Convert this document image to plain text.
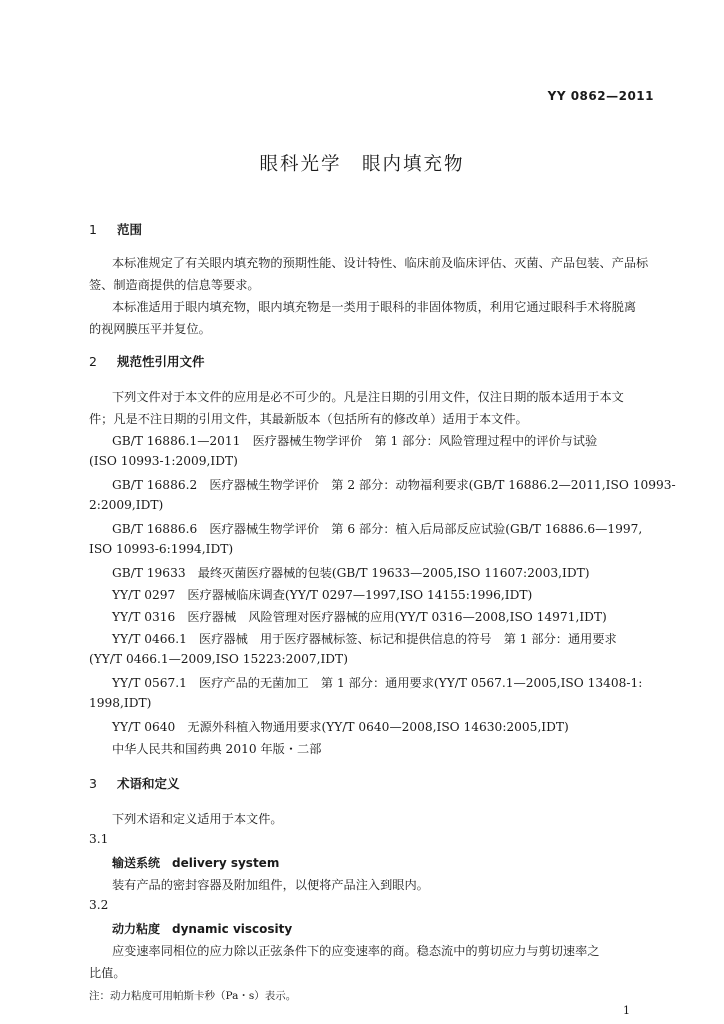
YY 0862—2011
眼科光学　眼内填充物
1 范围
本标准规定了有关眼内填充物的预期性能、设计特性、临床前及临床评估、灭菌、产品包装、产品标
签、制造商提供的信息等要求。
本标准适用于眼内填充物，眼内填充物是一类用于眼科的非固体物质，利用它通过眼科手术将脱离
的视网膜压平并复位。
2 规范性引用文件
下列文件对于本文件的应用是必不可少的。凡是注日期的引用文件，仅注日期的版本适用于本文
件；凡是不注日期的引用文件，其最新版本（包括所有的修改单）适用于本文件。
GB/T 16886.1—2011　医疗器械生物学评价　第 1 部分：风险管理过程中的评价与试验
(ISO 10993-1:2009,IDT)
GB/T 16886.2　医疗器械生物学评价　第 2 部分：动物福利要求(GB/T 16886.2—2011,ISO 10993-
2:2009,IDT)
GB/T 16886.6　医疗器械生物学评价　第 6 部分：植入后局部反应试验(GB/T 16886.6—1997,
ISO 10993-6:1994,IDT)
GB/T 19633　最终灭菌医疗器械的包装(GB/T 19633—2005,ISO 11607:2003,IDT)
YY/T 0297　医疗器械临床调查(YY/T 0297—1997,ISO 14155:1996,IDT)
YY/T 0316　医疗器械　风险管理对医疗器械的应用(YY/T 0316—2008,ISO 14971,IDT)
YY/T 0466.1　医疗器械　用于医疗器械标签、标记和提供信息的符号　第 1 部分：通用要求
(YY/T 0466.1—2009,ISO 15223:2007,IDT)
YY/T 0567.1　医疗产品的无菌加工　第 1 部分：通用要求(YY/T 0567.1—2005,ISO 13408-1:
1998,IDT)
YY/T 0640　无源外科植入物通用要求(YY/T 0640—2008,ISO 14630:2005,IDT)
中华人民共和国药典 2010 年版・二部
3 术语和定义
下列术语和定义适用于本文件。
3.1
输送系统　delivery system
装有产品的密封容器及附加组件，以便将产品注入到眼内。
3.2
动力粘度　dynamic viscosity
应变速率同相位的应力除以正弦条件下的应变速率的商。稳态流中的剪切应力与剪切速率之
比值。
注：动力粘度可用帕斯卡秒（Pa・s）表示。
1
